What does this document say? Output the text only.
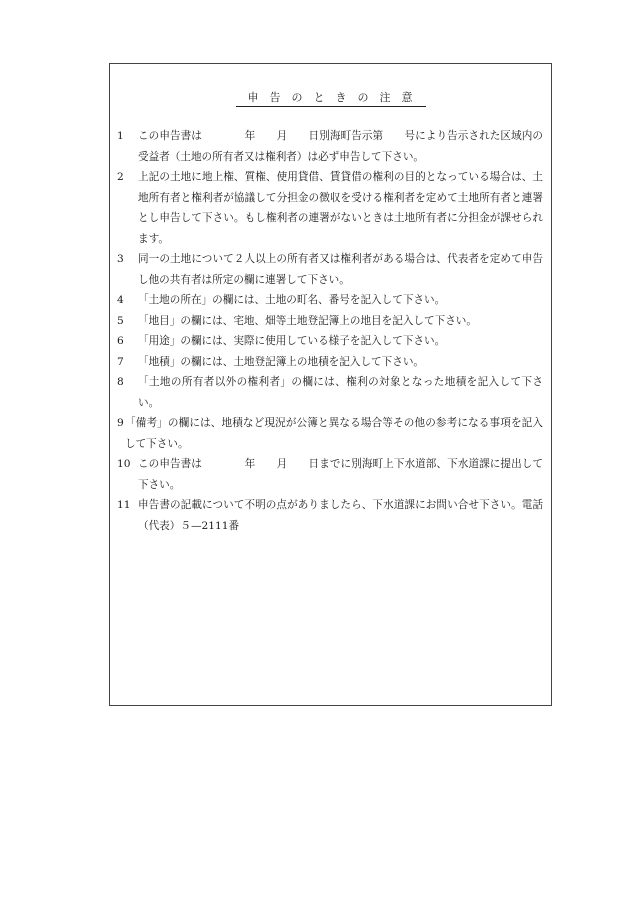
申告のときの注意
1	この申告書は　　　　年　　月　　日別海町告示第　　号により告示された区域内の受益者（土地の所有者又は権利者）は必ず申告して下さい。
2	上記の土地に地上権、質権、使用貸借、賃貸借の権利の目的となっている場合は、土地所有者と権利者が協議して分担金の徴収を受ける権利者を定めて土地所有者と連署とし申告して下さい。もし権利者の連署がないときは土地所有者に分担金が課せられます。
3	同一の土地について２人以上の所有者又は権利者がある場合は、代表者を定めて申告し他の共有者は所定の欄に連署して下さい。
4	「土地の所在」の欄には、土地の町名、番号を記入して下さい。
5	「地目」の欄には、宅地、畑等土地登記簿上の地目を記入して下さい。
6	「用途」の欄には、実際に使用している様子を記入して下さい。
7	「地積」の欄には、土地登記簿上の地積を記入して下さい。
8	「土地の所有者以外の権利者」の欄には、権利の対象となった地積を記入して下さい。
9 「備考」の欄には、地積など現況が公簿と異なる場合等その他の参考になる事項を記入して下さい。
10 この申告書は　　　　年　　月　　日までに別海町上下水道部、下水道課に提出して下さい。
11 申告書の記載について不明の点がありましたら、下水道課にお問い合せ下さい。電話（代表）５—2111番
